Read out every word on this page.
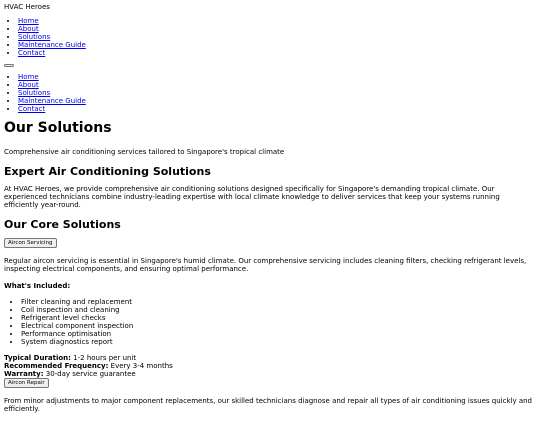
HVAC Heroes
• Home
• About
• Solutions
• Maintenance Guide
• Contact
• Home
• About
• Solutions
• Maintenance Guide
• Contact
Our Solutions

Comprehensive air conditioning services tailored to Singapore's tropical climate

Expert Air Conditioning Solutions

At HVAC Heroes, we provide comprehensive air conditioning solutions designed specifically for Singapore's demanding tropical climate. Our experienced technicians combine industry-leading expertise with local climate knowledge to deliver services that keep your systems running efficiently year-round.

Our Core Solutions
Aircon Servicing

Regular aircon servicing is essential in Singapore's humid climate. Our comprehensive servicing includes cleaning filters, checking refrigerant levels, inspecting electrical components, and ensuring optimal performance.

What's Included:
• Filter cleaning and replacement
• Coil inspection and cleaning
• Refrigerant level checks
• Electrical component inspection
• Performance optimisation
• System diagnostics report
Typical Duration: 1-2 hours per unit
Recommended Frequency: Every 3-4 months
Warranty: 30-day service guarantee
Aircon Repair

From minor adjustments to major component replacements, our skilled technicians diagnose and repair all types of air conditioning issues quickly and efficiently.
